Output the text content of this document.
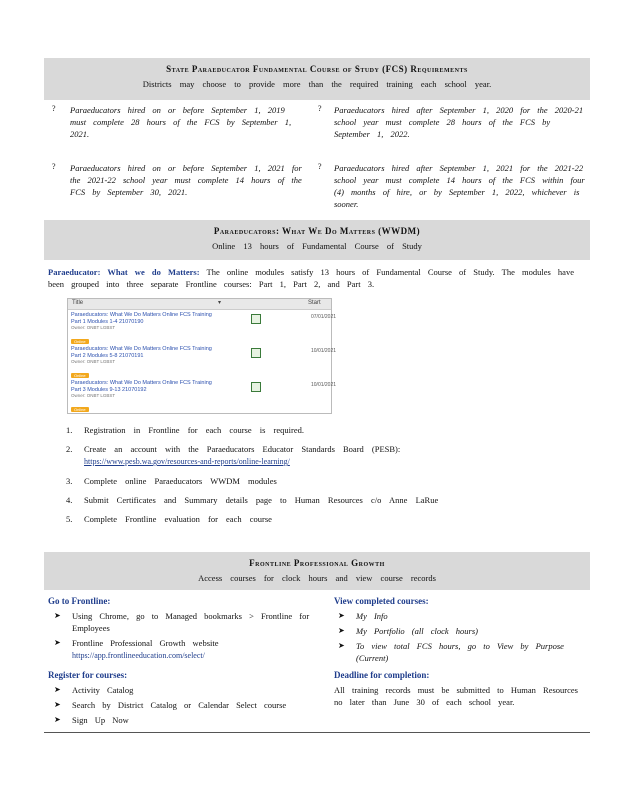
State Paraeducator Fundamental Course of Study (FCS) Requirements
Districts may choose to provide more than the required training each school year.
? Paraeducators hired on or before September 1, 2019 must complete 28 hours of the FCS by September 1, 2021.
? Paraeducators hired after September 1, 2020 for the 2020-21 school year must complete 28 hours of the FCS by September 1, 2022.
? Paraeducators hired on or before September 1, 2021 for the 2021-22 school year must complete 14 hours of the FCS by September 30, 2021.
? Paraeducators hired after September 1, 2021 for the 2021-22 school year must complete 14 hours of the FCS within four (4) months of hire, or by September 1, 2022, whichever is sooner.
Paraeducators: What We Do Matters (WWDM)
Online 13 hours of Fundamental Course of Study
Paraeducator: What we do Matters: The online modules satisfy 13 hours of Fundamental Course of Study. The modules have been grouped into three separate Frontline courses: Part 1, Part 2, and Part 3.
Title	▾	Start
Paraeducators: What We Do Matters Online FCS Training Part 1 Modules 1-4 21070190
Owner: ONBT LGBST
Online
07/01/2021
Paraeducators: What We Do Matters Online FCS Training Part 2 Modules 5-8 21070191
Owner: ONBT LGBST
Online
10/01/2021
Paraeducators: What We Do Matters Online FCS Training Part 3 Modules 9-13 21070192
Owner: ONBT LGBST
Online
10/01/2021
1. Registration in Frontline for each course is required.
2. Create an account with the Paraeducators Educator Standards Board (PESB):
https://www.pesb.wa.gov/resources-and-reports/online-learning/
3. Complete online Paraeducators WWDM modules
4. Submit Certificates and Summary details page to Human Resources c/o Anne LaRue
5. Complete Frontline evaluation for each course
Frontline Professional Growth
Access courses for clock hours and view course records
Go to Frontline:
➤ Using Chrome, go to Managed bookmarks > Frontline for Employees
➤ Frontline Professional Growth website
https://app.frontlineeducation.com/select/
Register for courses:
➤ Activity Catalog
➤ Search by District Catalog or Calendar Select course
➤ Sign Up Now
View completed courses:
➤ My Info
➤ My Portfolio (all clock hours)
➤ To view total FCS hours, go to View by Purpose (Current)
Deadline for completion:
All training records must be submitted to Human Resources no later than June 30 of each school year.
